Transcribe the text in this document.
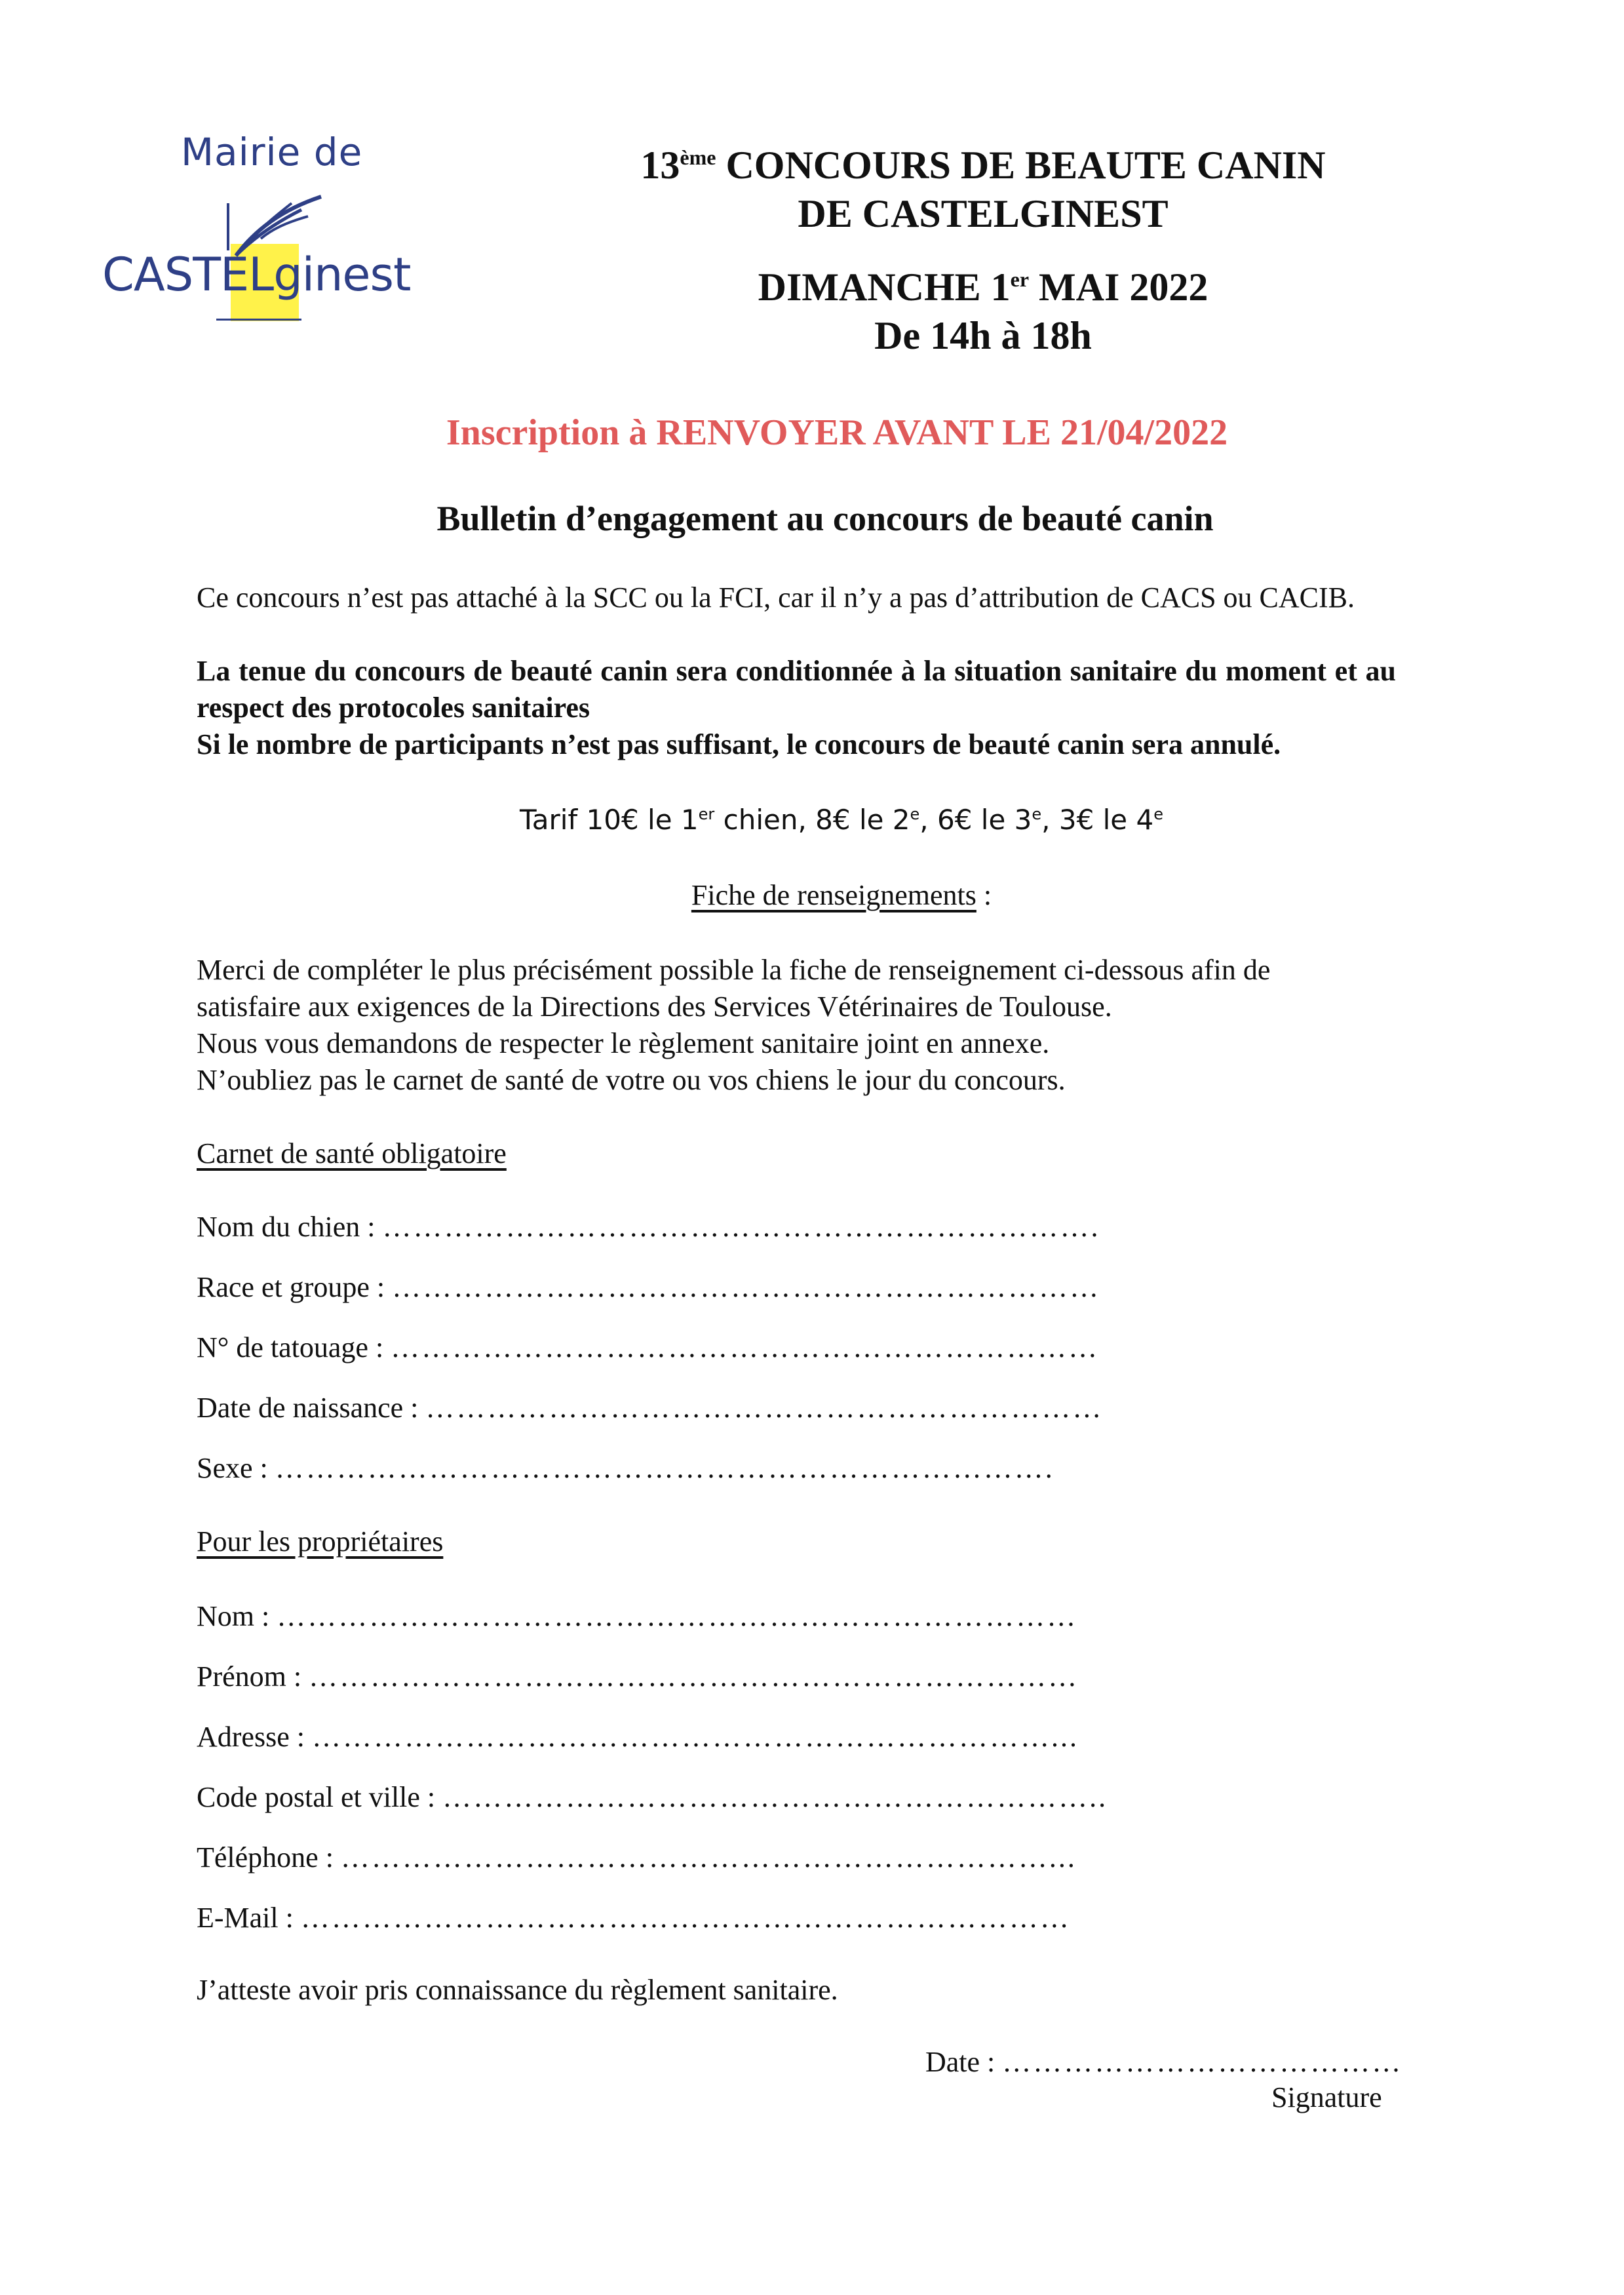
Mairie de
CASTELginest
13ème CONCOURS DE BEAUTE CANIN
DE CASTELGINEST
DIMANCHE 1er MAI 2022
De 14h à 18h
Inscription à RENVOYER AVANT LE 21/04/2022
Bulletin d’engagement au concours de beauté canin
Ce concours n’est pas attaché à la SCC ou la FCI, car il n’y a pas d’attribution de CACS ou CACIB.
La tenue du concours de beauté canin sera conditionnée à la situation sanitaire du moment et au respect des protocoles sanitaires
Si le nombre de participants n’est pas suffisant, le concours de beauté canin sera annulé.
Tarif 10€ le 1er chien, 8€ le 2e, 6€ le 3e, 3€ le 4e
Fiche de renseignements :
Merci de compléter le plus précisément possible la fiche de renseignement ci-dessous afin de
satisfaire aux exigences de la Directions des Services Vétérinaires de Toulouse.
Nous vous demandons de respecter le règlement sanitaire joint en annexe.
N’oubliez pas le carnet de santé de votre ou vos chiens le jour du concours.
Carnet de santé obligatoire
Nom du chien : …………………………………………………………….
Race et groupe : ……………………………………………………………
N° de tatouage : ……………………………………………………………
Date de naissance : …………………………………………………………
Sexe : ………………………………………………………………….
Pour les propriétaires
Nom : ……………………………………………………………………
Prénom : …………………………………………………………………
Adresse : ………………………………………………………………...
Code postal et ville : ………………………………………………………..
Téléphone : ……………………………………………………………...
E-Mail : …………………………………………………………………
J’atteste avoir pris connaissance du règlement sanitaire.
Date : …………………………………
Signature
